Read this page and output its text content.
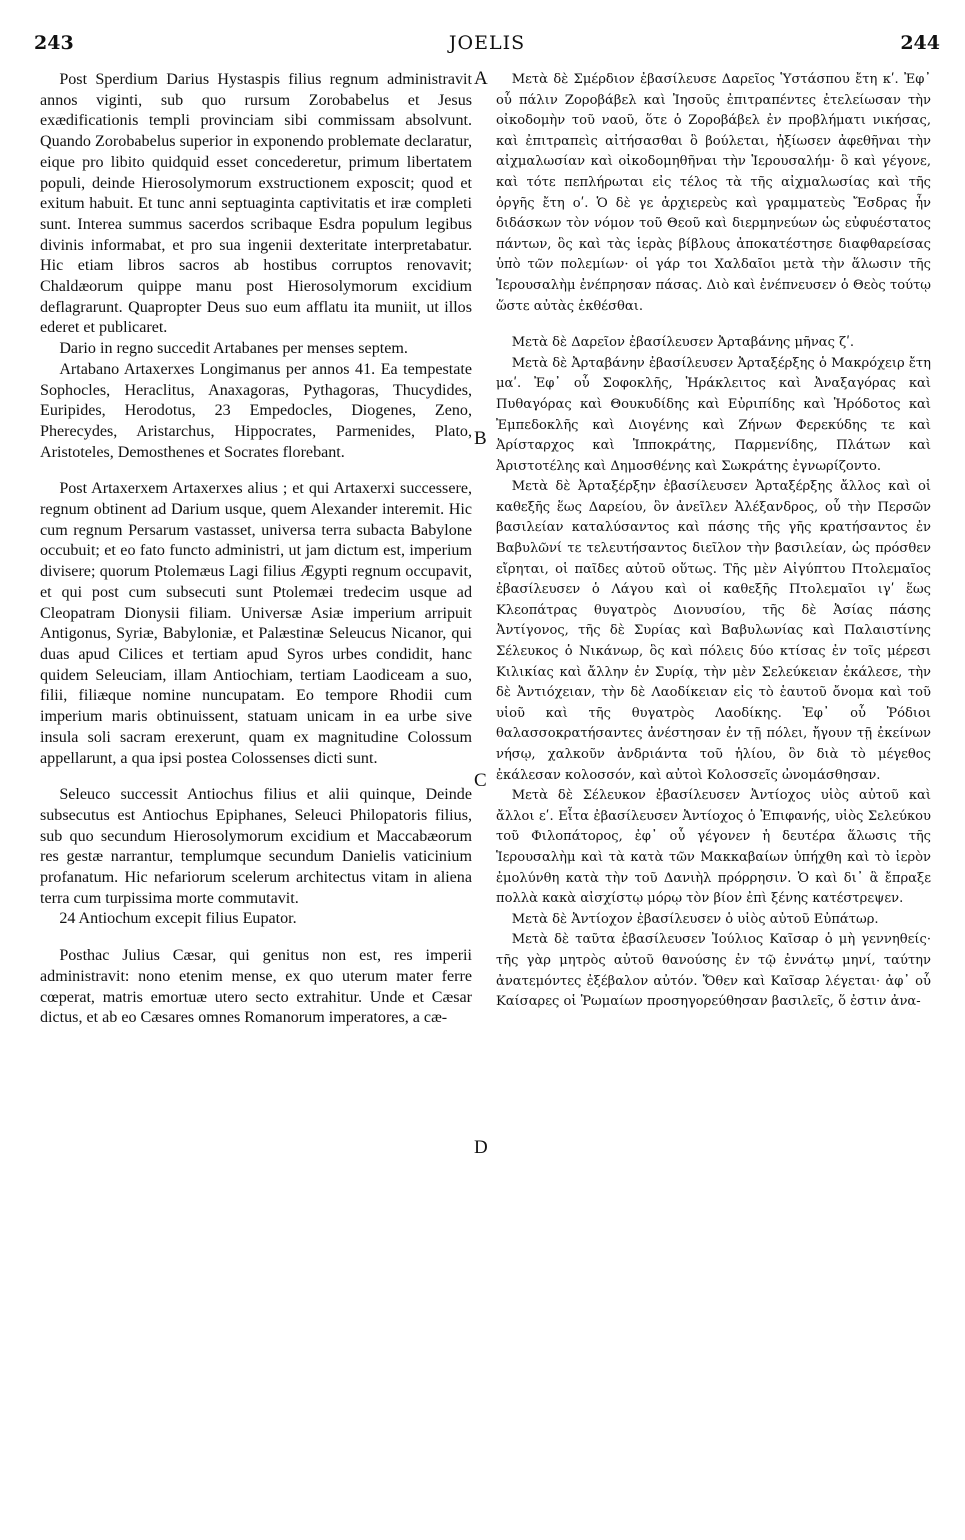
243	JOELIS	244
A
B
C
D

Post Sperdium Darius Hystaspis filius regnum administravit annos viginti, sub quo rursum Zorobabelus et Jesus exædificationis templi provinciam sibi commissam absolvunt. Quando Zorobabelus superior in exponendo problemate declaratur, eique pro libito quidquid esset concederetur, primum libertatem populi, deinde Hierosolymorum exstructionem exposcit; quod et exitum habuit. Et tunc anni septuaginta captivitatis et iræ completi sunt. Interea summus sacerdos scribaque Esdra populum legibus divinis informabat, et pro sua ingenii dexteritate interpretabatur. Hic etiam libros sacros ab hostibus corruptos renovavit; Chaldæorum quippe manu post Hierosolymorum excidium deflagrarunt. Quapropter Deus suo eum afflatu ita muniit, ut illos ederet et publicaret.

Dario in regno succedit Artabanes per menses septem.

Artabano Artaxerxes Longimanus per annos 41. Ea tempestate Sophocles, Heraclitus, Anaxagoras, Pythagoras, Thucydides, Euripides, Herodotus, 23 Empedocles, Diogenes, Zeno, Pherecydes, Aristarchus, Hippocrates, Parmenides, Plato, Aristoteles, Demosthenes et Socrates florebant.

Post Artaxerxem Artaxerxes alius ; et qui Artaxerxi successere, regnum obtinent ad Darium usque, quem Alexander interemit. Hic cum regnum Persarum vastasset, universa terra subacta Babylone occubuit; et eo fato functo administri, ut jam dictum est, imperium divisere; quorum Ptolemæus Lagi filius Ægypti regnum occupavit, et qui post cum subsecuti sunt Ptolemæi tredecim usque ad Cleopatram Dionysii filiam. Universæ Asiæ imperium arripuit Antigonus, Syriæ, Babyloniæ, et Palæstinæ Seleucus Nicanor, qui duas apud Cilices et tertiam apud Syros urbes condidit, hanc quidem Seleuciam, illam Antiochiam, tertiam Laodiceam a suo, filii, filiæque nomine nuncupatam. Eo tempore Rhodii cum imperium maris obtinuissent, statuam unicam in ea urbe sive insula soli sacram erexerunt, quam ex magnitudine Colossum appellarunt, a qua ipsi postea Colossenses dicti sunt.

Seleuco successit Antiochus filius et alii quinque, Deinde subsecutus est Antiochus Epiphanes, Seleuci Philopatoris filius, sub quo secundum Hierosolymorum excidium et Maccabæorum res gestæ narrantur, templumque secundum Danielis vaticinium profanatum. Hic nefariorum scelerum architectus vitam in aliena terra cum turpissima morte commutavit.

24 Antiochum excepit filius Eupator.

Posthac Julius Cæsar, qui genitus non est, res imperii administravit: nono etenim mense, ex quo uterum mater ferre cœperat, matris emortuæ utero secto extrahitur. Unde et Cæsar dictus, et ab eo Cæsares omnes Romanorum imperatores, a cæ-

Μετὰ δὲ Σμέρδιον ἐβασίλευσε Δαρεῖος Ὑστάσπου ἔτη κʹ. Ἐφ᾽ οὗ πάλιν Ζοροβάβελ καὶ Ἰησοῦς ἐπιτραπέντες ἐτελείωσαν τὴν οἰκοδομὴν τοῦ ναοῦ, ὅτε ὁ Ζοροβάβελ ἐν προβλήματι νικήσας, καὶ ἐπιτραπεὶς αἰτήσασθαι ὃ βούλεται, ἠξίωσεν ἀφεθῆναι τὴν αἰχμαλωσίαν καὶ οἰκοδομηθῆναι τὴν Ἱερουσαλήμ· ὃ καὶ γέγονε, καὶ τότε πεπλήρωται εἰς τέλος τὰ τῆς αἰχμαλωσίας καὶ τῆς ὀργῆς ἔτη οʹ. Ὁ δὲ γε ἀρχιερεὺς καὶ γραμματεὺς Ἔσδρας ἦν διδάσκων τὸν νόμον τοῦ Θεοῦ καὶ διερμηνεύων ὡς εὐφυέστατος πάντων, ὃς καὶ τὰς ἱερὰς βίβλους ἀποκατέστησε διαφθαρείσας ὑπὸ τῶν πολεμίων· οἱ γάρ τοι Χαλδαῖοι μετὰ τὴν ἅλωσιν τῆς Ἱερουσαλὴμ ἐνέπρησαν πάσας. Διὸ καὶ ἐνέπνευσεν ὁ Θεὸς τούτῳ ὥστε αὐτὰς ἐκθέσθαι.

Μετὰ δὲ Δαρεῖον ἐβασίλευσεν Ἀρταβάνης μῆνας ζʹ.

Μετὰ δὲ Ἀρταβάνην ἐβασίλευσεν Ἀρταξέρξης ὁ Μακρόχειρ ἔτη μαʹ. Ἐφ᾽ οὗ Σοφοκλῆς, Ἡράκλειτος καὶ Ἀναξαγόρας καὶ Πυθαγόρας καὶ Θουκυδίδης καὶ Εὐριπίδης καὶ Ἡρόδοτος καὶ Ἐμπεδοκλῆς καὶ Διογένης καὶ Ζήνων Φερεκύδης τε καὶ Ἀρίσταρχος καὶ Ἱπποκράτης, Παρμενίδης, Πλάτων καὶ Ἀριστοτέλης καὶ Δημοσθένης καὶ Σωκράτης ἐγνωρίζοντο.

Μετὰ δὲ Ἀρταξέρξην ἐβασίλευσεν Ἀρταξέρξης ἄλλος καὶ οἱ καθεξῆς ἕως Δαρείου, ὃν ἀνεῖλεν Ἀλέξανδρος, οὗ τὴν Περσῶν βασιλείαν καταλύσαντος καὶ πάσης τῆς γῆς κρατήσαντος ἐν Βαβυλῶνί τε τελευτήσαντος διεῖλον τὴν βασιλείαν, ὡς πρόσθεν εἴρηται, οἱ παῖδες αὐτοῦ οὕτως. Τῆς μὲν Αἰγύπτου Πτολεμαῖος ἐβασίλευσεν ὁ Λάγου καὶ οἱ καθεξῆς Πτολεμαῖοι ιγʹ ἕως Κλεοπάτρας θυγατρὸς Διονυσίου, τῆς δὲ Ἀσίας πάσης Ἀντίγονος, τῆς δὲ Συρίας καὶ Βαβυλωνίας καὶ Παλαιστίνης Σέλευκος ὁ Νικάνωρ, ὃς καὶ πόλεις δύο κτίσας ἐν τοῖς μέρεσι Κιλικίας καὶ ἄλλην ἐν Συρίᾳ, τὴν μὲν Σελεύκειαν ἐκάλεσε, τὴν δὲ Ἀντιόχειαν, τὴν δὲ Λαοδίκειαν εἰς τὸ ἑαυτοῦ ὄνομα καὶ τοῦ υἱοῦ καὶ τῆς θυγατρὸς Λαοδίκης. Ἐφ᾽ οὗ Ῥόδιοι θαλασσοκρατήσαντες ἀνέστησαν ἐν τῇ πόλει, ἤγουν τῇ ἐκείνων νήσῳ, χαλκοῦν ἀνδριάντα τοῦ ἡλίου, ὃν διὰ τὸ μέγεθος ἐκάλεσαν κολοσσόν, καὶ αὐτοὶ Κολοσσεῖς ὠνομάσθησαν.

Μετὰ δὲ Σέλευκον ἐβασίλευσεν Ἀντίοχος υἱὸς αὐτοῦ καὶ ἄλλοι εʹ. Εἶτα ἐβασίλευσεν Ἀντίοχος ὁ Ἐπιφανής, υἱὸς Σελεύκου τοῦ Φιλοπάτορος, ἐφ᾽ οὗ γέγονεν ἡ δευτέρα ἅλωσις τῆς Ἱερουσαλὴμ καὶ τὰ κατὰ τῶν Μακκαβαίων ὑπήχθη καὶ τὸ ἱερὸν ἐμολύνθη κατὰ τὴν τοῦ Δανιὴλ πρόρρησιν. Ὁ καὶ δι᾽ ἃ ἔπραξε πολλὰ κακὰ αἰσχίστῳ μόρῳ τὸν βίον ἐπὶ ξένης κατέστρεψεν.

Μετὰ δὲ Ἀντίοχον ἐβασίλευσεν ὁ υἱὸς αὐτοῦ Εὐπάτωρ.

Μετὰ δὲ ταῦτα ἐβασίλευσεν Ἰούλιος Καῖσαρ ὁ μὴ γεννηθείς· τῆς γὰρ μητρὸς αὐτοῦ θανούσης ἐν τῷ ἐννάτῳ μηνί, ταύτην ἀνατεμόντες ἐξέβαλον αὐτόν. Ὅθεν καὶ Καῖσαρ λέγεται· ἀφ᾽ οὗ Καίσαρες οἱ Ῥωμαίων προσηγορεύθησαν βασιλεῖς, ὅ ἐστιν ἀνα-
